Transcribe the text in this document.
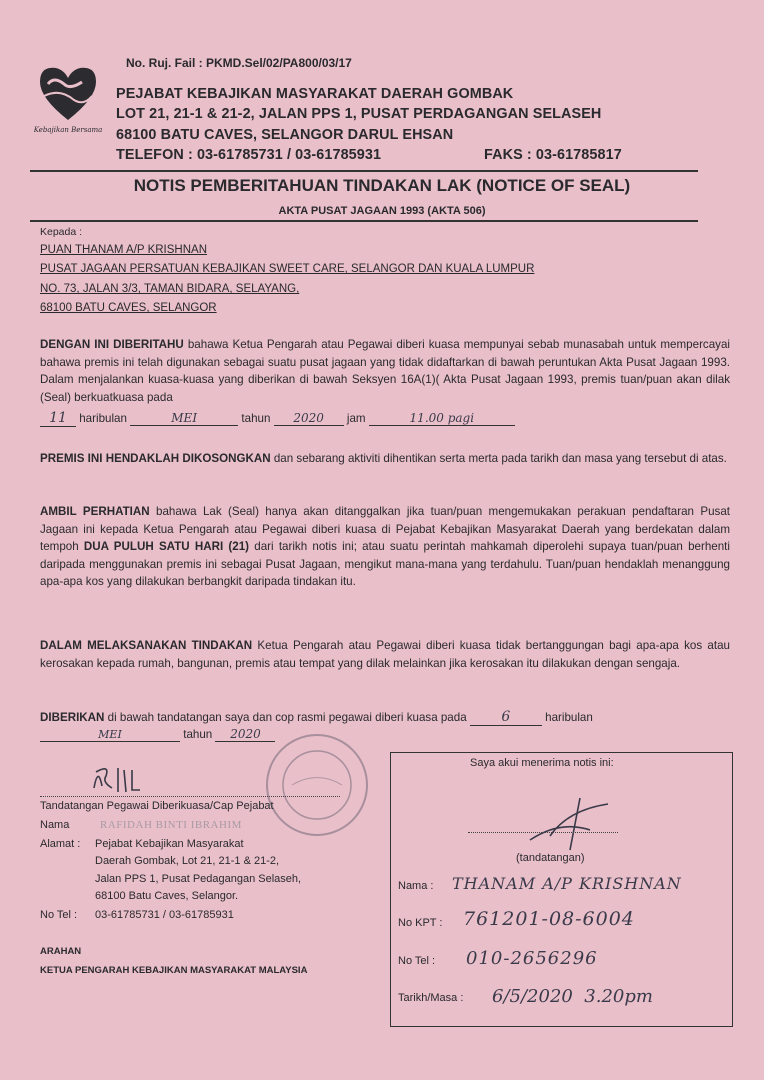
Kebajikan Bersama
No. Ruj. Fail : PKMD.Sel/02/PA800/03/17
PEJABAT KEBAJIKAN MASYARAKAT DAERAH GOMBAK
LOT 21, 21-1 & 21-2, JALAN PPS 1, PUSAT PERDAGANGAN SELASEH
68100 BATU CAVES, SELANGOR DARUL EHSAN
TELEFON : 03-61785731 / 03-61785931	FAKS : 03-61785817
NOTIS PEMBERITAHUAN TINDAKAN LAK (NOTICE OF SEAL)
AKTA PUSAT JAGAAN 1993 (AKTA 506)
Kepada :
PUAN THANAM A/P KRISHNAN
PUSAT JAGAAN PERSATUAN KEBAJIKAN SWEET CARE, SELANGOR DAN KUALA LUMPUR
NO. 73, JALAN 3/3, TAMAN BIDARA, SELAYANG,
68100 BATU CAVES, SELANGOR
DENGAN INI DIBERITAHU bahawa Ketua Pengarah atau Pegawai diberi kuasa mempunyai sebab munasabah untuk mempercayai bahawa premis ini telah digunakan sebagai suatu pusat jagaan yang tidak didaftarkan di bawah peruntukan Akta Pusat Jagaan 1993. Dalam menjalankan kuasa-kuasa yang diberikan di bawah Seksyen 16A(1)( Akta Pusat Jagaan 1993, premis tuan/puan akan dilak (Seal) berkuatkuasa pada
11 haribulan	MEI	tahun 2020 jam	11.00 pagi
PREMIS INI HENDAKLAH DIKOSONGKAN dan sebarang aktiviti dihentikan serta merta pada tarikh dan masa yang tersebut di atas.
AMBIL PERHATIAN bahawa Lak (Seal) hanya akan ditanggalkan jika tuan/puan mengemukakan perakuan pendaftaran Pusat Jagaan ini kepada Ketua Pengarah atau Pegawai diberi kuasa di Pejabat Kebajikan Masyarakat Daerah yang berdekatan dalam tempoh DUA PULUH SATU HARI (21) dari tarikh notis ini; atau suatu perintah mahkamah diperolehi supaya tuan/puan berhenti daripada menggunakan premis ini sebagai Pusat Jagaan, mengikut mana-mana yang terdahulu. Tuan/puan hendaklah menanggung apa-apa kos yang dilakukan berbangkit daripada tindakan itu.
DALAM MELAKSANAKAN TINDAKAN Ketua Pengarah atau Pegawai diberi kuasa tidak bertanggungan bagi apa-apa kos atau kerosakan kepada rumah, bangunan, premis atau tempat yang dilak melainkan jika kerosakan itu dilakukan dengan sengaja.
DIBERIKAN di bawah tandatangan saya dan cop rasmi pegawai diberi kuasa pada 6	haribulan
MEI	tahun 2020
Tandatangan Pegawai Diberikuasa/Cap Pejabat
Nama	RAFIDAH BINTI IBRAHIM
Alamat : Pejabat Kebajikan Masyarakat
Daerah Gombak, Lot 21, 21-1 & 21-2,
Jalan PPS 1, Pusat Pedagangan Selaseh,
68100 Batu Caves, Selangor.
No Tel : 03-61785731 / 03-61785931
ARAHAN
KETUA PENGARAH KEBAJIKAN MASYARAKAT MALAYSIA
Saya akui menerima notis ini:
(tandatangan)
Nama : THANAM A/P KRISHNAN
No KPT : 761201-08-6004
No Tel : 010-2656296
Tarikh/Masa : 6/5/2020  3.20pm
